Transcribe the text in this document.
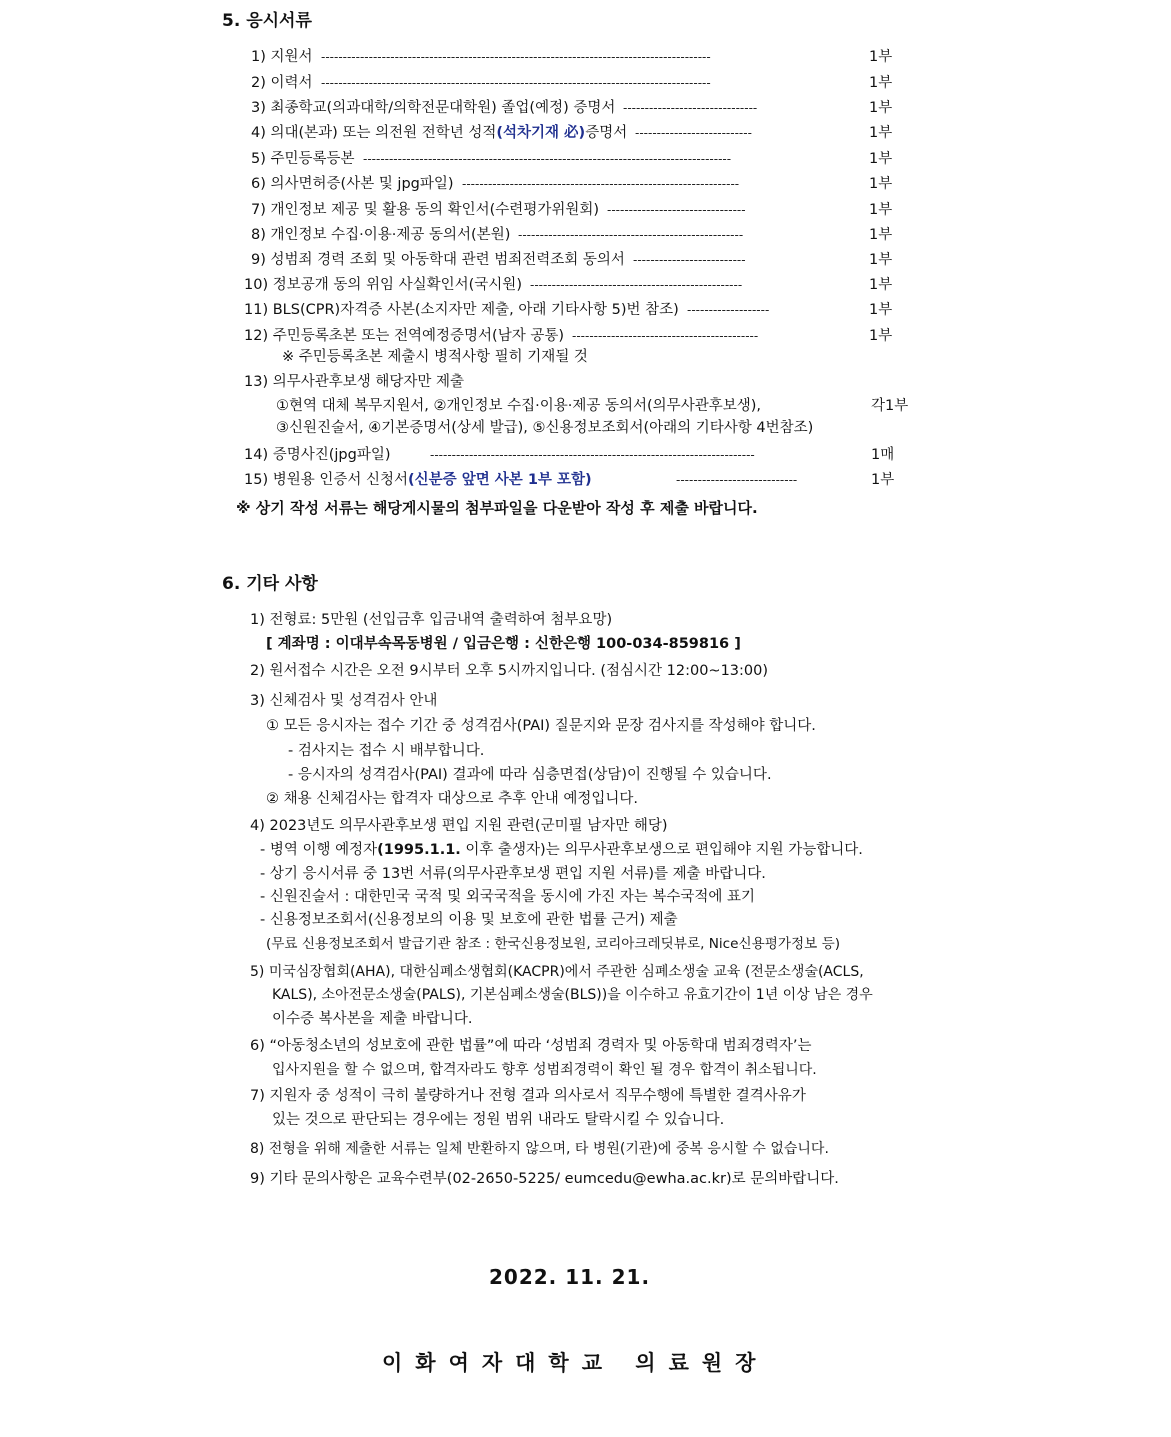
5. 응시서류
1) 지원서 ------------------------------------------------------------------------------------------	1부
2) 이력서 ------------------------------------------------------------------------------------------	1부
3) 최종학교(의과대학/의학전문대학원) 졸업(예정) 증명서 -------------------------------	1부
4) 의대(본과) 또는 의전원 전학년 성적(석차기재 必)증명서 ---------------------------	1부
5) 주민등록등본 -------------------------------------------------------------------------------------	1부
6) 의사면허증(사본 및 jpg파일) ----------------------------------------------------------------	1부
7) 개인정보 제공 및 활용 동의 확인서(수련평가위원회) --------------------------------	1부
8) 개인정보 수집·이용·제공 동의서(본원) ----------------------------------------------------	1부
9) 성범죄 경력 조회 및 아동학대 관련 범죄전력조회 동의서 --------------------------	1부
10) 정보공개 동의 위임 사실확인서(국시원) -------------------------------------------------	1부
11) BLS(CPR)자격증 사본(소지자만 제출, 아래 기타사항 5)번 참조) -------------------	1부
12) 주민등록초본 또는 전역예정증명서(남자 공통) -------------------------------------------	1부
※ 주민등록초본 제출시 병적사항 필히 기재될 것
13) 의무사관후보생 해당자만 제출
①현역 대체 복무지원서, ②개인정보 수집·이용·제공 동의서(의무사관후보생),	각1부
③신원진술서, ④기본증명서(상세 발급), ⑤신용정보조회서(아래의 기타사항 4번참조)
14) 증명사진(jpg파일)	---------------------------------------------------------------------------	1매
15) 병원용 인증서 신청서(신분증 앞면 사본 1부 포함)	----------------------------	1부
※ 상기 작성 서류는 해당게시물의 첨부파일을 다운받아 작성 후 제출 바랍니다.
6. 기타 사항
1) 전형료: 5만원 (선입금후 입금내역 출력하여 첨부요망)
[ 계좌명 : 이대부속목동병원 / 입금은행 : 신한은행 100-034-859816 ]
2) 원서접수 시간은 오전 9시부터 오후 5시까지입니다. (점심시간 12:00~13:00)
3) 신체검사 및 성격검사 안내
① 모든 응시자는 접수 기간 중 성격검사(PAI) 질문지와 문장 검사지를 작성해야 합니다.
- 검사지는 접수 시 배부합니다.
- 응시자의 성격검사(PAI) 결과에 따라 심층면접(상담)이 진행될 수 있습니다.
② 채용 신체검사는 합격자 대상으로 추후 안내 예정입니다.
4) 2023년도 의무사관후보생 편입 지원 관련(군미필 남자만 해당)
- 병역 이행 예정자(1995.1.1. 이후 출생자)는 의무사관후보생으로 편입해야 지원 가능합니다.
- 상기 응시서류 중 13번 서류(의무사관후보생 편입 지원 서류)를 제출 바랍니다.
- 신원진술서 : 대한민국 국적 및 외국국적을 동시에 가진 자는 복수국적에 표기
- 신용정보조회서(신용정보의 이용 및 보호에 관한 법률 근거) 제출
(무료 신용정보조회서 발급기관 참조 : 한국신용정보원, 코리아크레딧뷰로, Nice신용평가정보 등)
5) 미국심장협회(AHA), 대한심폐소생협회(KACPR)에서 주관한 심폐소생술 교육 (전문소생술(ACLS,
KALS), 소아전문소생술(PALS), 기본심폐소생술(BLS))을 이수하고 유효기간이 1년 이상 남은 경우
이수증 복사본을 제출 바랍니다.
6) “아동청소년의 성보호에 관한 법률”에 따라 ‘성범죄 경력자 및 아동학대 범죄경력자’는
입사지원을 할 수 없으며, 합격자라도 향후 성범죄경력이 확인 될 경우 합격이 취소됩니다.
7) 지원자 중 성적이 극히 불량하거나 전형 결과 의사로서 직무수행에 특별한 결격사유가
있는 것으로 판단되는 경우에는 정원 범위 내라도 탈락시킬 수 있습니다.
8) 전형을 위해 제출한 서류는 일체 반환하지 않으며, 타 병원(기관)에 중복 응시할 수 없습니다.
9) 기타 문의사항은 교육수련부(02-2650-5225/ eumcedu@ewha.ac.kr)로 문의바랍니다.
2022. 11. 21.
이화여자대학교 의료원장
